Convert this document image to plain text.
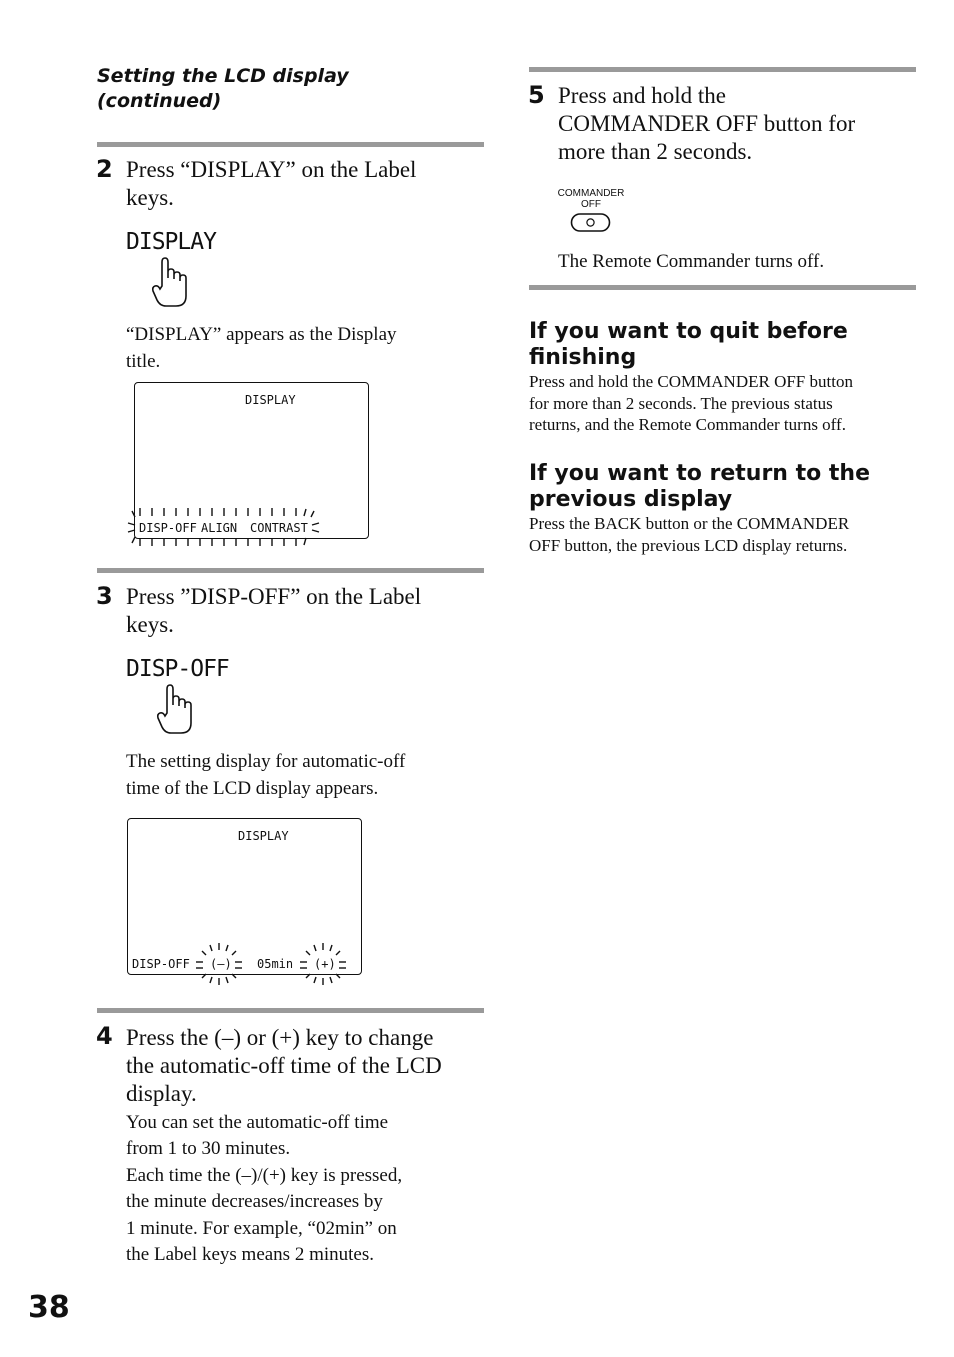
Setting the LCD display
(continued)
2 Press “DISPLAY” on the Label
keys.
DISPLAY
“DISPLAY” appears as the Display
title.
DISPLAY
DISP-OFF ALIGN CONTRAST
3 Press ”DISP-OFF” on the Label
keys.
DISP-OFF
The setting display for automatic-off
time of the LCD display appears.
DISPLAY
DISP-OFF (–) 05min (+)
4 Press the (–) or (+) key to change
the automatic-off time of the LCD
display.
You can set the automatic-off time
from 1 to 30 minutes.
Each time the (–)/(+) key is pressed,
the minute decreases/increases by
1 minute. For example, “02min” on
the Label keys means 2 minutes.
38
5 Press and hold the
COMMANDER OFF button for
more than 2 seconds.
COMMANDER
OFF
The Remote Commander turns off.
If you want to quit before
finishing
Press and hold the COMMANDER OFF button
for more than 2 seconds. The previous status
returns, and the Remote Commander turns off.
If you want to return to the
previous display
Press the BACK button or the COMMANDER
OFF button, the previous LCD display returns.
